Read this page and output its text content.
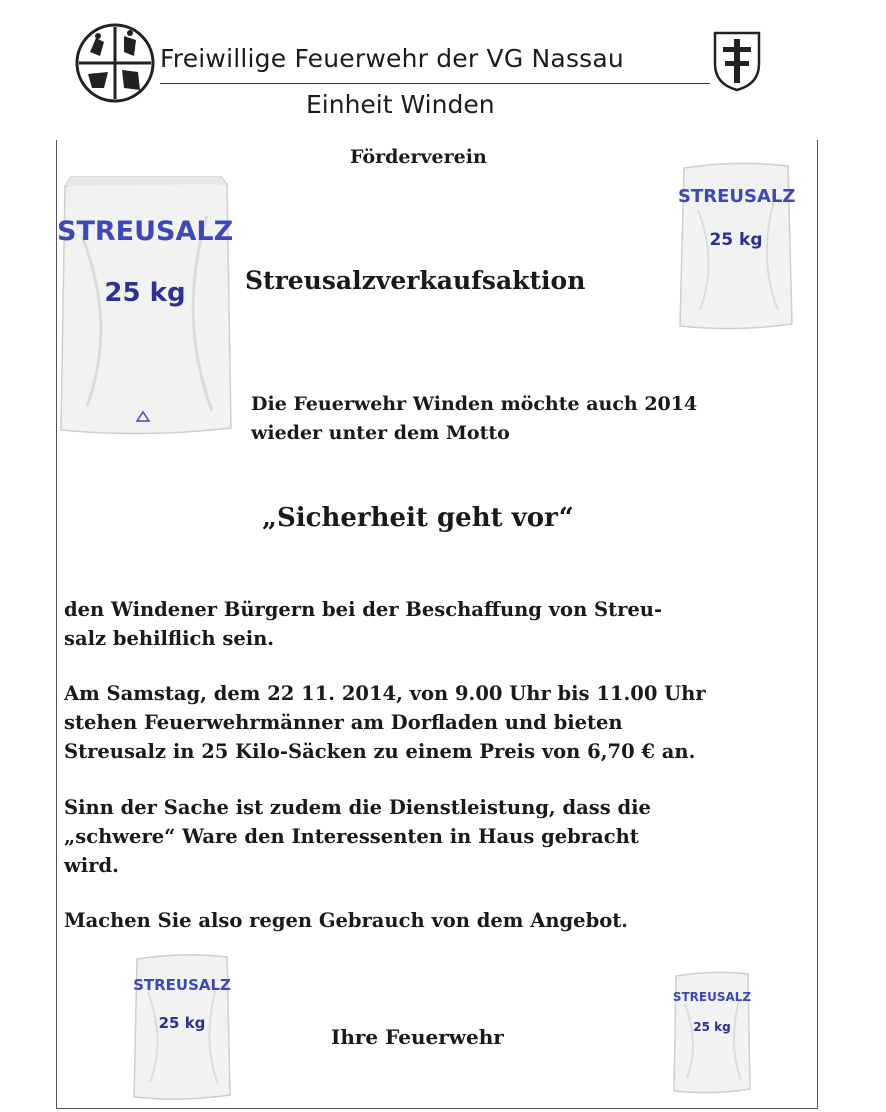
Freiwillige Feuerwehr der VG Nassau
Einheit Winden
STREUSALZ
25 kg
STREUSALZ
25 kg
STREUSALZ
25 kg
STREUSALZ
25 kg
Förderverein
Streusalzverkaufsaktion
Die Feuerwehr Winden möchte auch 2014
wieder unter dem Motto
„Sicherheit geht vor“
den Windener Bürgern bei der Beschaffung von Streu-
salz behilflich sein.
Am Samstag, dem 22 11. 2014, von 9.00 Uhr bis 11.00 Uhr
stehen Feuerwehrmänner am Dorfladen und bieten
Streusalz in 25 Kilo-Säcken zu einem Preis von 6,70 € an.
Sinn der Sache ist zudem die Dienstleistung, dass die
„schwere“ Ware den Interessenten in Haus gebracht
wird.
Machen Sie also regen Gebrauch von dem Angebot.
Ihre Feuerwehr
